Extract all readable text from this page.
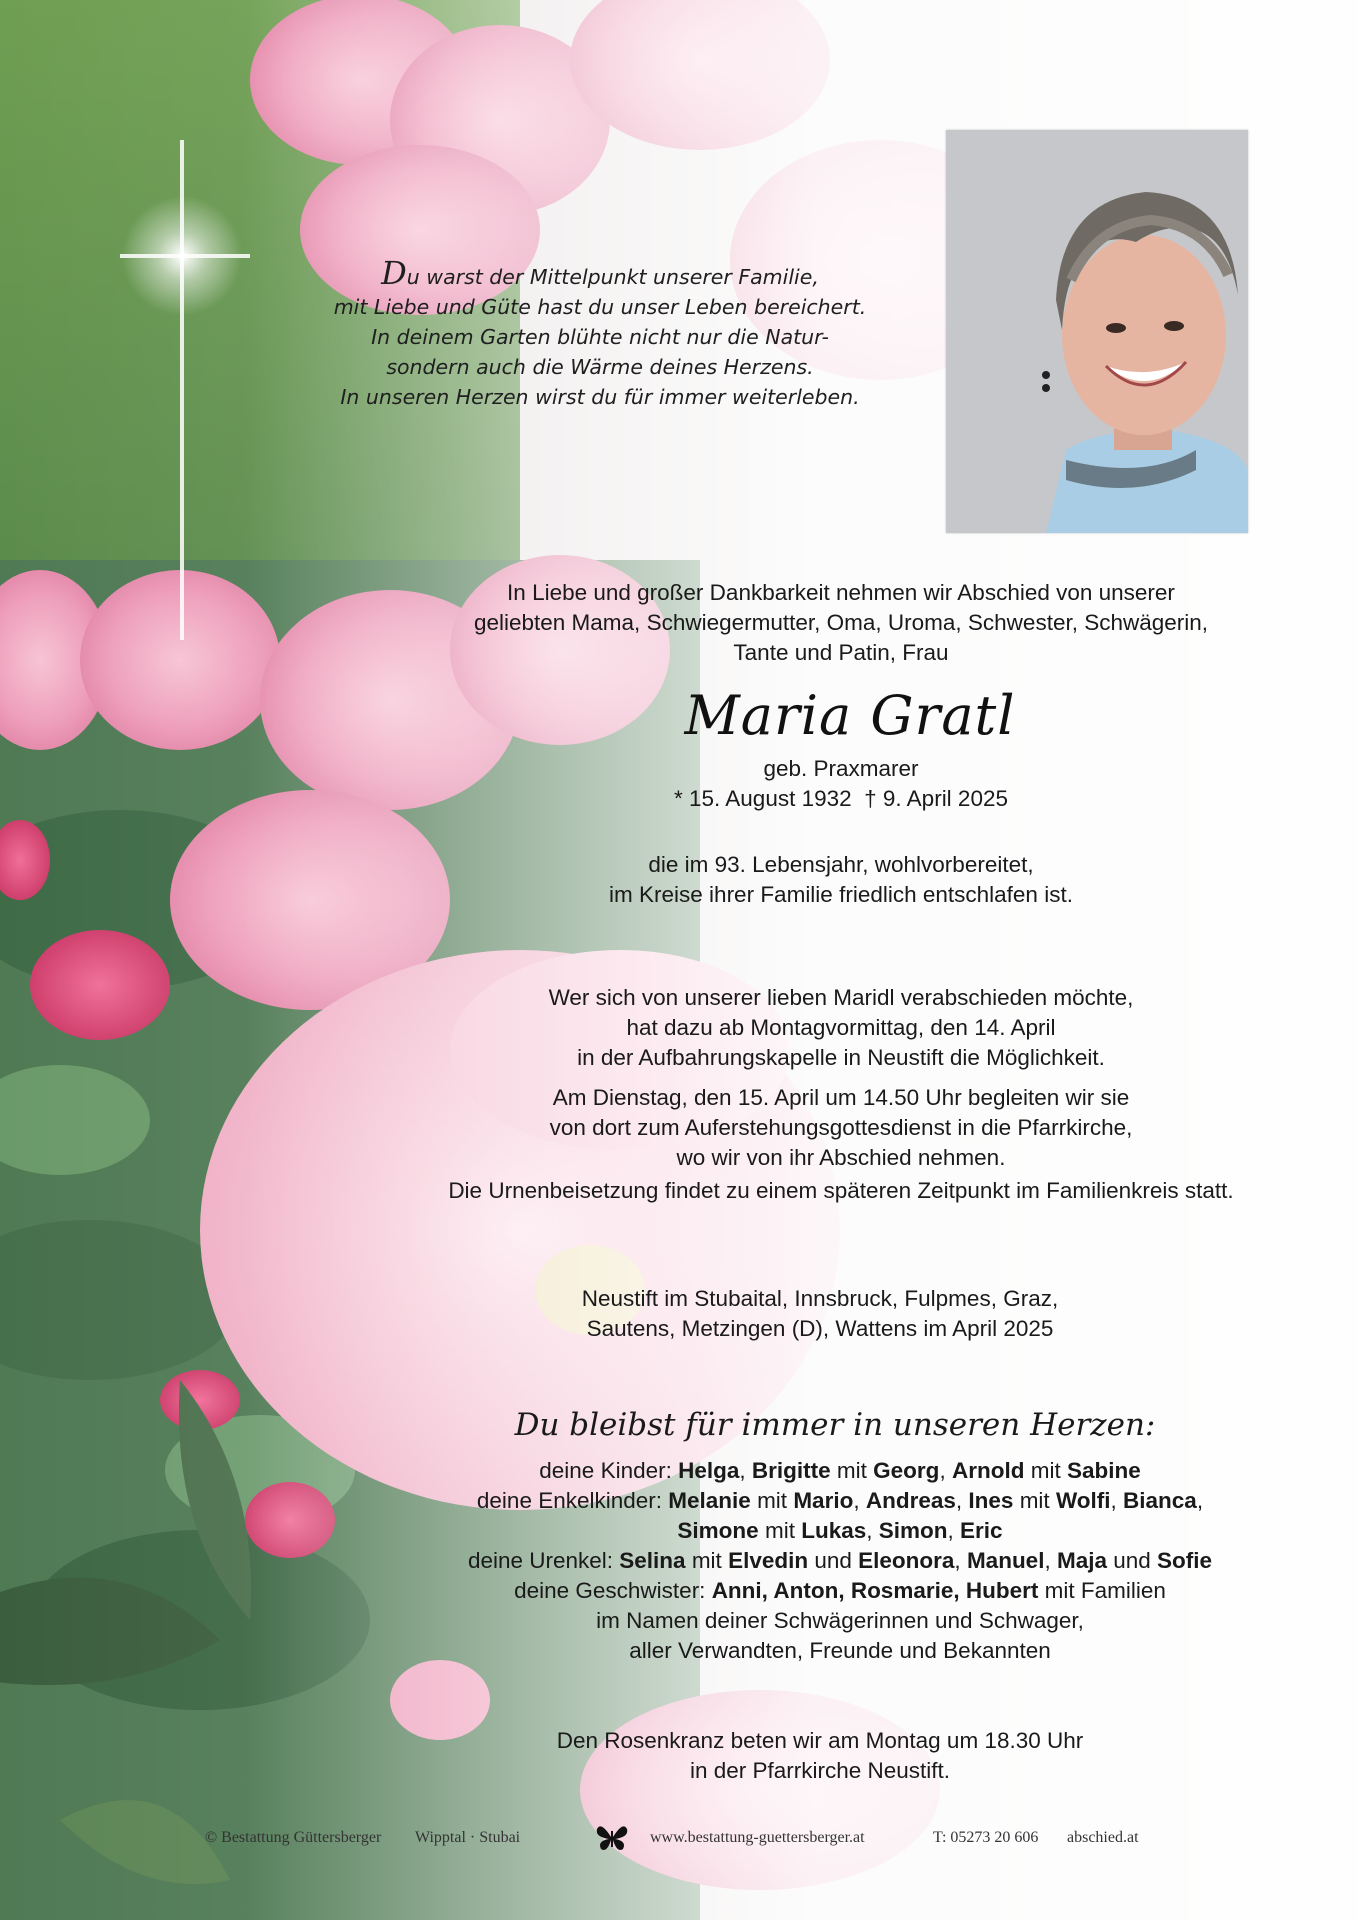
Du warst der Mittelpunkt unserer Familie,
mit Liebe und Güte hast du unser Leben bereichert.
In deinem Garten blühte nicht nur die Natur-
sondern auch die Wärme deines Herzens.
In unseren Herzen wirst du für immer weiterleben.
In Liebe und großer Dankbarkeit nehmen wir Abschied von unserer
geliebten Mama, Schwiegermutter, Oma, Uroma, Schwester, Schwägerin,
Tante und Patin, Frau
Maria Gratl
geb. Praxmarer
* 15. August 1932  † 9. April 2025
die im 93. Lebensjahr, wohlvorbereitet,
im Kreise ihrer Familie friedlich entschlafen ist.
Wer sich von unserer lieben Maridl verabschieden möchte,
hat dazu ab Montagvormittag, den 14. April
in der Aufbahrungskapelle in Neustift die Möglichkeit.
Am Dienstag, den 15. April um 14.50 Uhr begleiten wir sie
von dort zum Auferstehungsgottesdienst in die Pfarrkirche,
wo wir von ihr Abschied nehmen.
Die Urnenbeisetzung findet zu einem späteren Zeitpunkt im Familienkreis statt.
Neustift im Stubaital, Innsbruck, Fulpmes, Graz,
Sautens, Metzingen (D), Wattens im April 2025
Du bleibst für immer in unseren Herzen:
deine Kinder: Helga, Brigitte mit Georg, Arnold mit Sabine
deine Enkelkinder: Melanie mit Mario, Andreas, Ines mit Wolfi, Bianca,
Simone mit Lukas, Simon, Eric
deine Urenkel: Selina mit Elvedin und Eleonora, Manuel, Maja und Sofie
deine Geschwister: Anni, Anton, Rosmarie, Hubert mit Familien
im Namen deiner Schwägerinnen und Schwager,
aller Verwandten, Freunde und Bekannten
Den Rosenkranz beten wir am Montag um 18.30 Uhr
in der Pfarrkirche Neustift.
© Bestattung Güttersberger Wipptal · Stubai	www.bestattung-guettersberger.at	T: 05273 20 606 abschied.at
